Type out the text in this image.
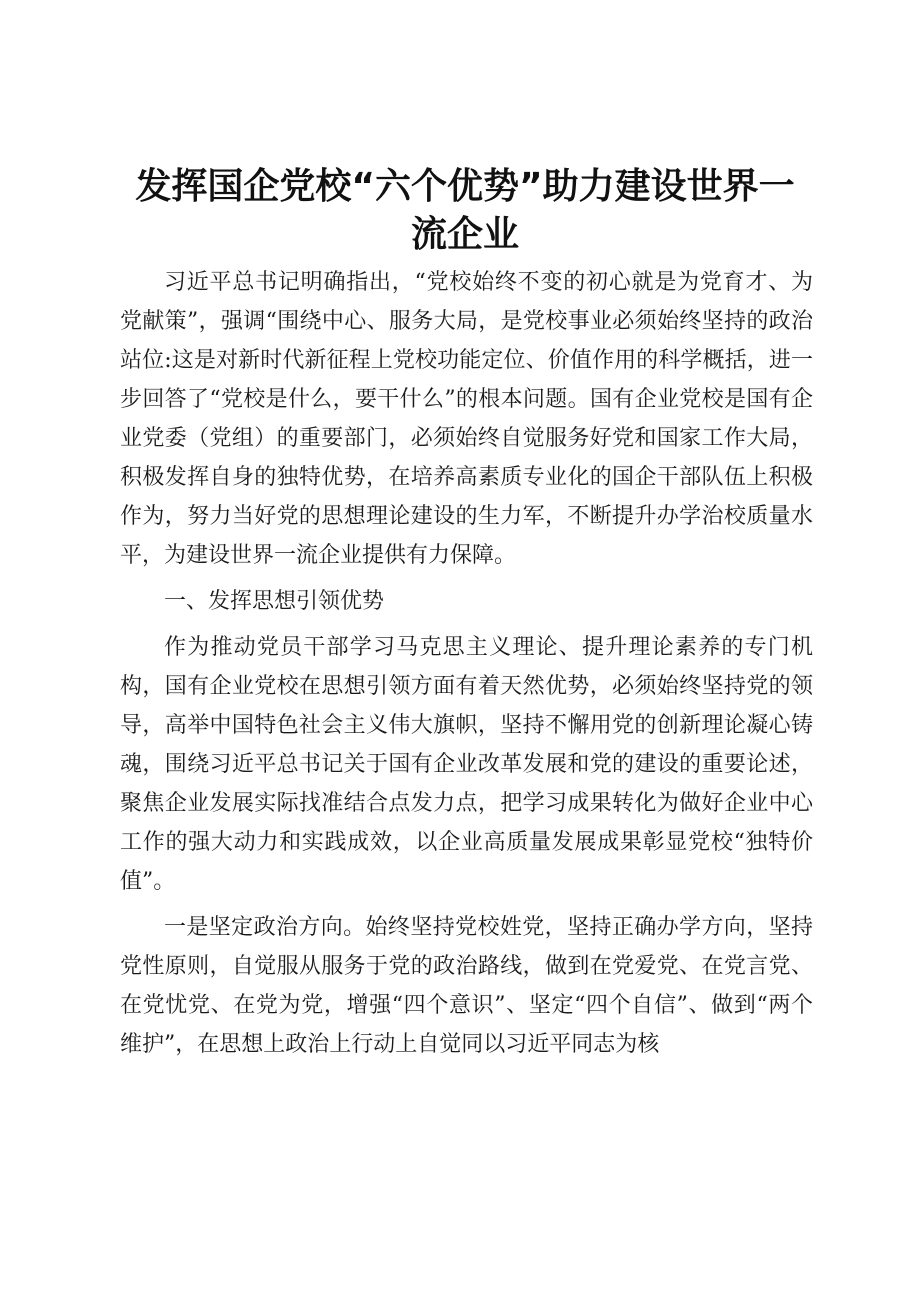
发挥国企党校“六个优势”助力建设世界一流企业

习近平总书记明确指出，“党校始终不变的初心就是为党育才、为党献策”，强调“围绕中心、服务大局，是党校事业必须始终坚持的政治站位:这是对新时代新征程上党校功能定位、价值作用的科学概括，进一步回答了“党校是什么，要干什么”的根本问题。国有企业党校是国有企业党委（党组）的重要部门，必须始终自觉服务好党和国家工作大局，积极发挥自身的独特优势，在培养高素质专业化的国企干部队伍上积极作为，努力当好党的思想理论建设的生力军，不断提升办学治校质量水平，为建设世界一流企业提供有力保障。

一、发挥思想引领优势

作为推动党员干部学习马克思主义理论、提升理论素养的专门机构，国有企业党校在思想引领方面有着天然优势，必须始终坚持党的领导，高举中国特色社会主义伟大旗帜，坚持不懈用党的创新理论凝心铸魂，围绕习近平总书记关于国有企业改革发展和党的建设的重要论述，聚焦企业发展实际找准结合点发力点，把学习成果转化为做好企业中心工作的强大动力和实践成效，以企业高质量发展成果彰显党校“独特价值”。

一是坚定政治方向。始终坚持党校姓党，坚持正确办学方向，坚持党性原则，自觉服从服务于党的政治路线，做到在党爱党、在党言党、在党忧党、在党为党，增强“四个意识”、坚定“四个自信”、做到“两个维护”，在思想上政治上行动上自觉同以习近平同志为核
